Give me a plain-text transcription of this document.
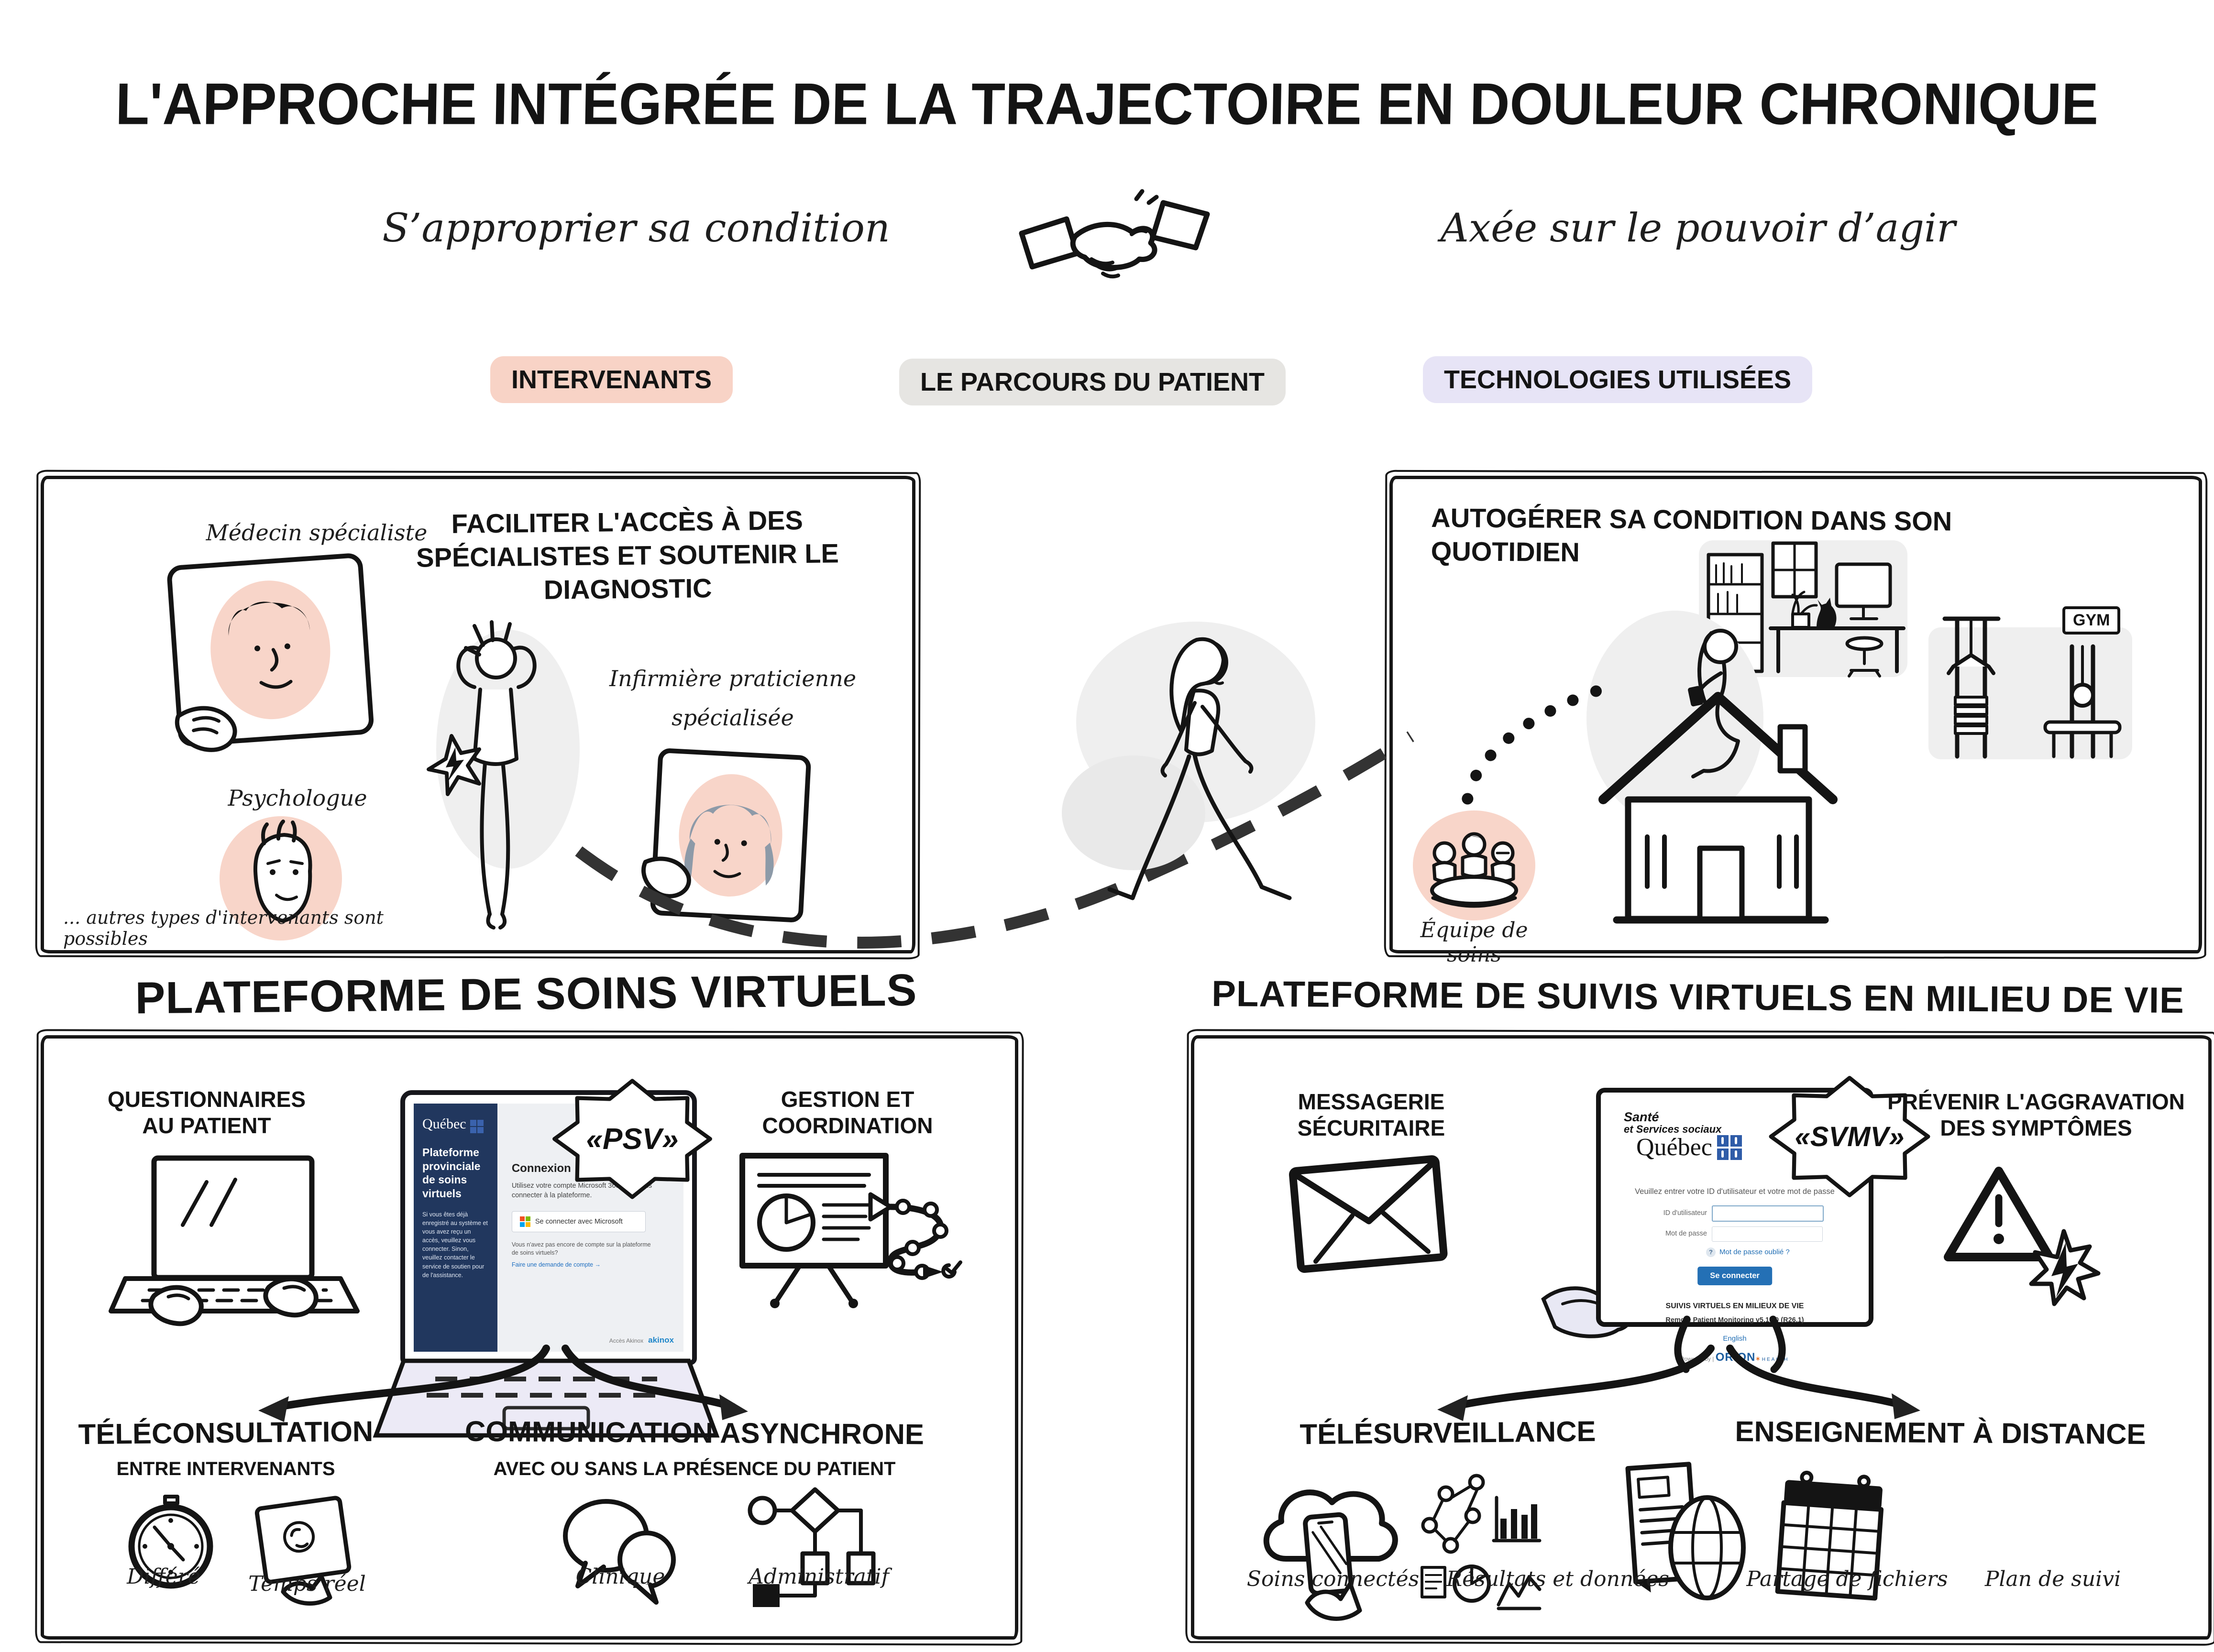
L'APPROCHE INTÉGRÉE DE LA TRAJECTOIRE EN DOULEUR CHRONIQUE
S’approprier sa condition	Axée sur le pouvoir d’agir
INTERVENANTS	LE PARCOURS DU PATIENT	TECHNOLOGIES UTILISÉES
FACILITER L'ACCÈS À DES SPÉCIALISTES ET SOUTENIR LE DIAGNOSTIC
Médecin spécialiste
Psychologue
Infirmière praticienne
spécialisée
... autres types d'intervenants sont possibles
AUTOGÉRER SA CONDITION DANS SON QUOTIDIEN
GYM
Équipe de soins
PLATEFORME DE SOINS VIRTUELS
QUESTIONNAIRES AU PATIENT	Québec
Plateforme provinciale de soins virtuels
Si vous êtes déjà enregistré au système et vous avez reçu un accès, veuillez vous connecter. Sinon, veuillez contacter le service de soutien pour de l'assistance.
Connexion
Utilisez votre compte Microsoft 365 pour vous connecter à la plateforme.
Se connecter avec Microsoft
Vous n'avez pas encore de compte sur la plateforme de soins virtuels?
Faire une demande de compte →
Accès Akinox akinox
«PSV»
GESTION ET COORDINATION
TÉLÉCONSULTATION
ENTRE INTERVENANTS
Différé	Temps réel
COMMUNICATION ASYNCHRONE
AVEC OU SANS LA PRÉSENCE DU PATIENT
Clinique	Administratif
PLATEFORME DE SUIVIS VIRTUELS EN MILIEU DE VIE
MESSAGERIE SÉCURITAIRE	Santé
et Services sociaux
Québec
Veuillez entrer votre ID d'utilisateur et votre mot de passe
ID d'utilisateur
Mot de passe
? Mot de passe oublié ?
Se connecter
SUIVIS VIRTUELS EN MILIEUX DE VIE
Remote Patient Monitoring v5.15.0 (R26.1)
English
Powered by | ORION✶ HEALTH
«SVMV»
PRÉVENIR L'AGGRAVATION DES SYMPTÔMES
TÉLÉSURVEILLANCE	ENSEIGNEMENT À DISTANCE
Soins connectés	Résultats et données	Partage de fichiers	Plan de suivi
